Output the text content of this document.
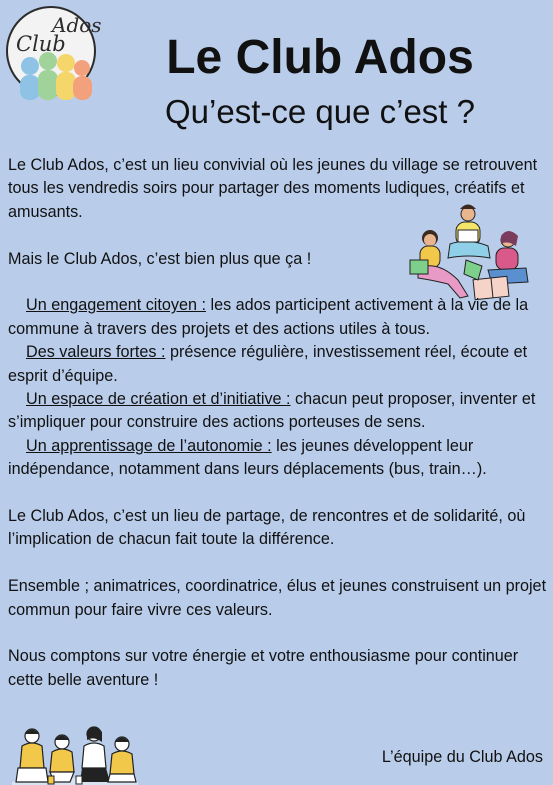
Ados
Club	Le Club Ados
Qu’est-ce que c’est ?

Le Club Ados, c’est un lieu convivial où les jeunes du village se retrouvent tous les vendredis soirs pour partager des moments ludiques, créatifs et amusants.

Mais le Club Ados, c’est bien plus que ça !

Un engagement citoyen : les ados participent activement à la vie de la commune à travers des projets et des actions utiles à tous.

Des valeurs fortes : présence régulière, investissement réel, écoute et esprit d’équipe.

Un espace de création et d’initiative : chacun peut proposer, inventer et s’impliquer pour construire des actions porteuses de sens.

Un apprentissage de l’autonomie : les jeunes développent leur indépendance, notamment dans leurs déplacements (bus, train…).

Le Club Ados, c’est un lieu de partage, de rencontres et de solidarité, où l’implication de chacun fait toute la différence.

Ensemble ; animatrices, coordinatrice, élus et jeunes construisent un projet commun pour faire vivre ces valeurs.

Nous comptons sur votre énergie et votre enthousiasme pour continuer cette belle aventure !

L’équipe du Club Ados
